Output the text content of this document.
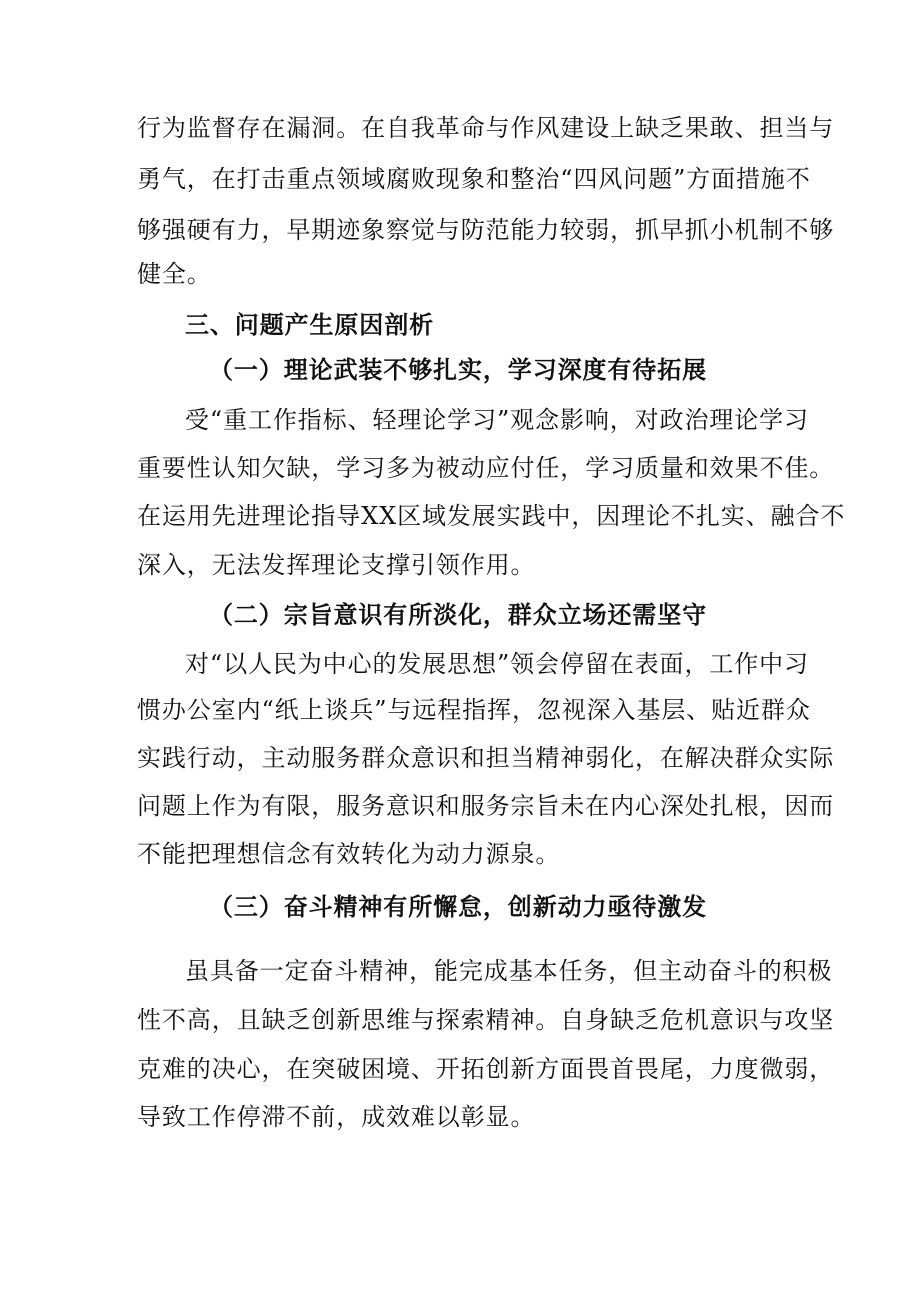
行为监督存在漏洞。在自我革命与作风建设上缺乏果敢、担当与

勇气，在打击重点领域腐败现象和整治“四风问题”方面措施不

够强硬有力，早期迹象察觉与防范能力较弱，抓早抓小机制不够

健全。

三、问题产生原因剖析

（一）理论武装不够扎实，学习深度有待拓展

受“重工作指标、轻理论学习”观念影响，对政治理论学习

重要性认知欠缺，学习多为被动应付任，学习质量和效果不佳。

在运用先进理论指导XX区域发展实践中，因理论不扎实、融合不

深入，无法发挥理论支撑引领作用。

（二）宗旨意识有所淡化，群众立场还需坚守

对“以人民为中心的发展思想”领会停留在表面，工作中习

惯办公室内“纸上谈兵”与远程指挥，忽视深入基层、贴近群众

实践行动，主动服务群众意识和担当精神弱化，在解决群众实际

问题上作为有限，服务意识和服务宗旨未在内心深处扎根，因而

不能把理想信念有效转化为动力源泉。

（三）奋斗精神有所懈怠，创新动力亟待激发

虽具备一定奋斗精神，能完成基本任务，但主动奋斗的积极

性不高，且缺乏创新思维与探索精神。自身缺乏危机意识与攻坚

克难的决心，在突破困境、开拓创新方面畏首畏尾，力度微弱，

导致工作停滞不前，成效难以彰显。
